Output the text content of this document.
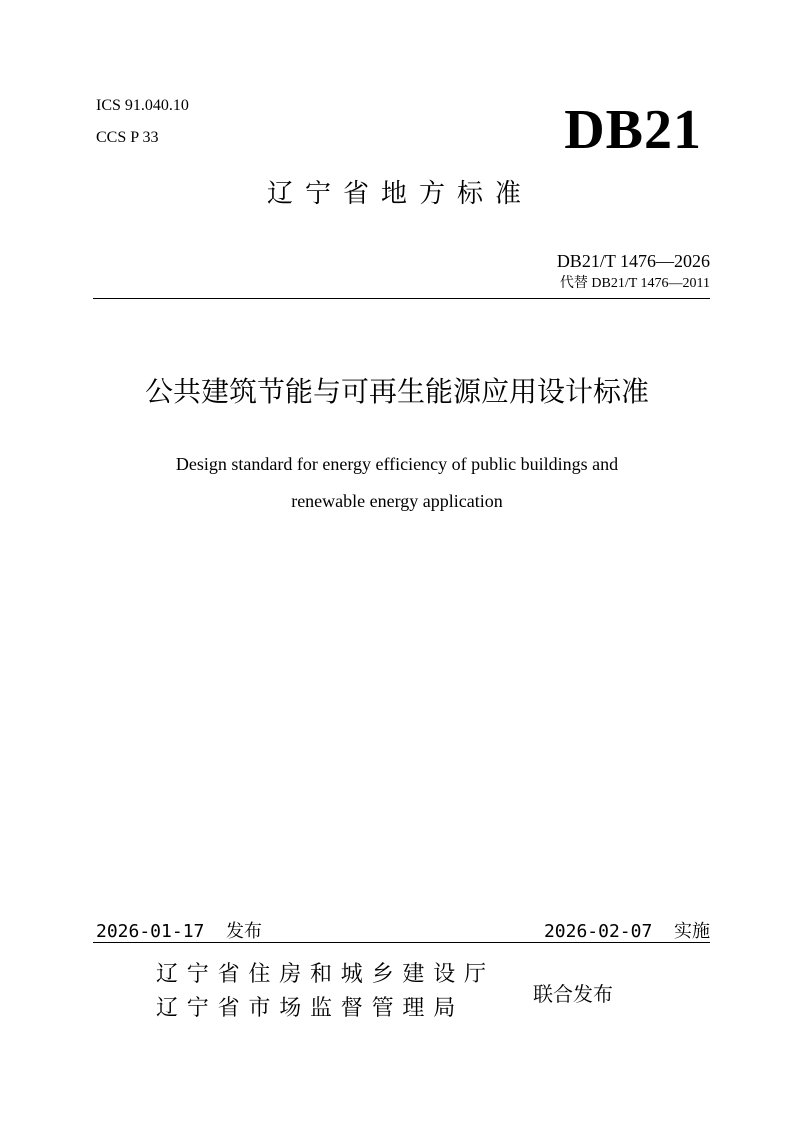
ICS 91.040.10
CCS P 33	DB21
辽宁省地方标准
DB21/T 1476—2026
代替 DB21/T 1476—2011
公共建筑节能与可再生能源应用设计标准
Design standard for energy efficiency of public buildings and
renewable energy application
2026-01-17  发布	2026-02-07  实施
辽宁省住房和城乡建设厅
辽宁省市场监督管理局
联合发布
